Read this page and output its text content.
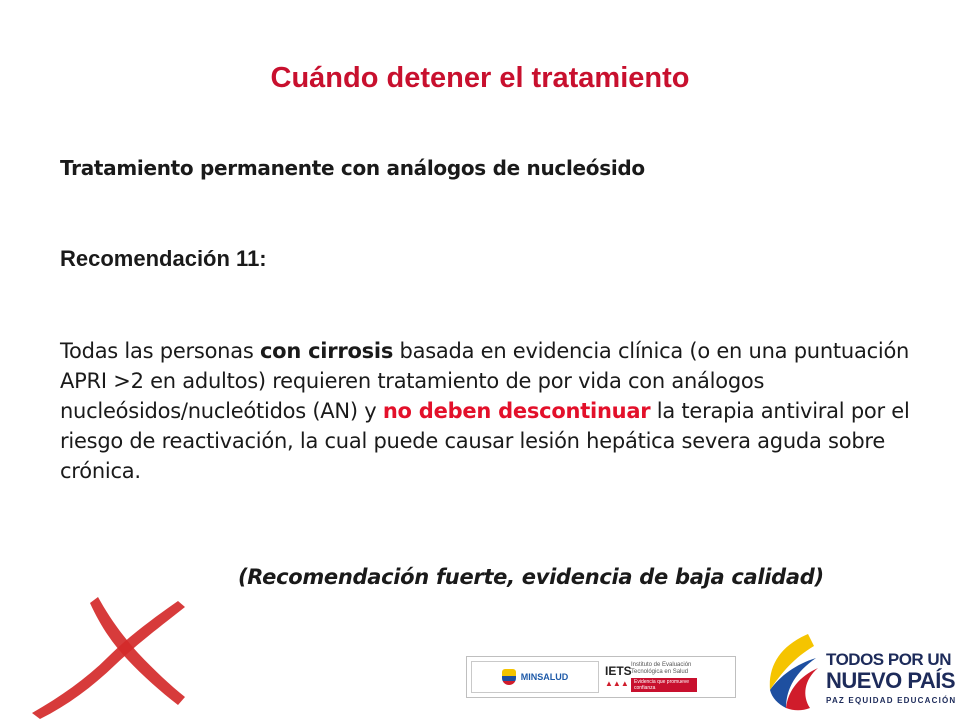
Cuándo detener el tratamiento

Tratamiento permanente con análogos de nucleósido

Recomendación 11:

Todas las personas con cirrosis basada en evidencia clínica (o en una puntuación APRI >2 en adultos) requieren tratamiento de por vida con análogos nucleósidos/nucleótidos (AN) y no deben descontinuar la terapia antiviral por el riesgo de reactivación, la cual puede causar lesión hepática severa aguda sobre crónica.

(Recomendación fuerte, evidencia de baja calidad)

MINSALUD	IETS
▲▲▲
Instituto de Evaluación Tecnológica en Salud
Evidencia que promueve confianza

TODOS POR UN

NUEVO PAÍS

PAZ EQUIDAD EDUCACIÓN
